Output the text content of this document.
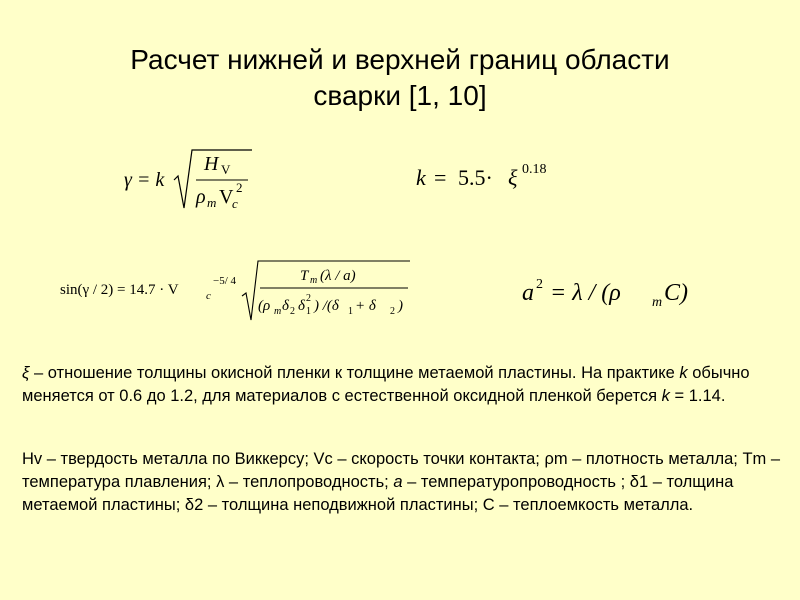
Расчет нижней и верхней границ области
сварки [1, 10]
γ = k
H V
ρ m V
c
2	k = 5.5· ξ 0.18
sin(γ / 2) = 14.7 · V c
−5/ 4	T m (λ / a)
(ρ m δ 2 δ 1
2 ) /(δ 1 + δ 2 )	a 2 = λ / (ρ m C)

ξ – отношение толщины окисной пленки к толщине метаемой пластины. На практике k обычно меняется от 0.6 до 1.2, для материалов с естественной оксидной пленкой берется k = 1.14.

Hv – твердость металла по Виккерсу; Vc – скорость точки контакта; ρm – плотность металла; Tm – температура плавления; λ – теплопроводность; a – температуропроводность ; δ1 – толщина метаемой пластины; δ2 – толщина неподвижной пластины; C – теплоемкость металла.
